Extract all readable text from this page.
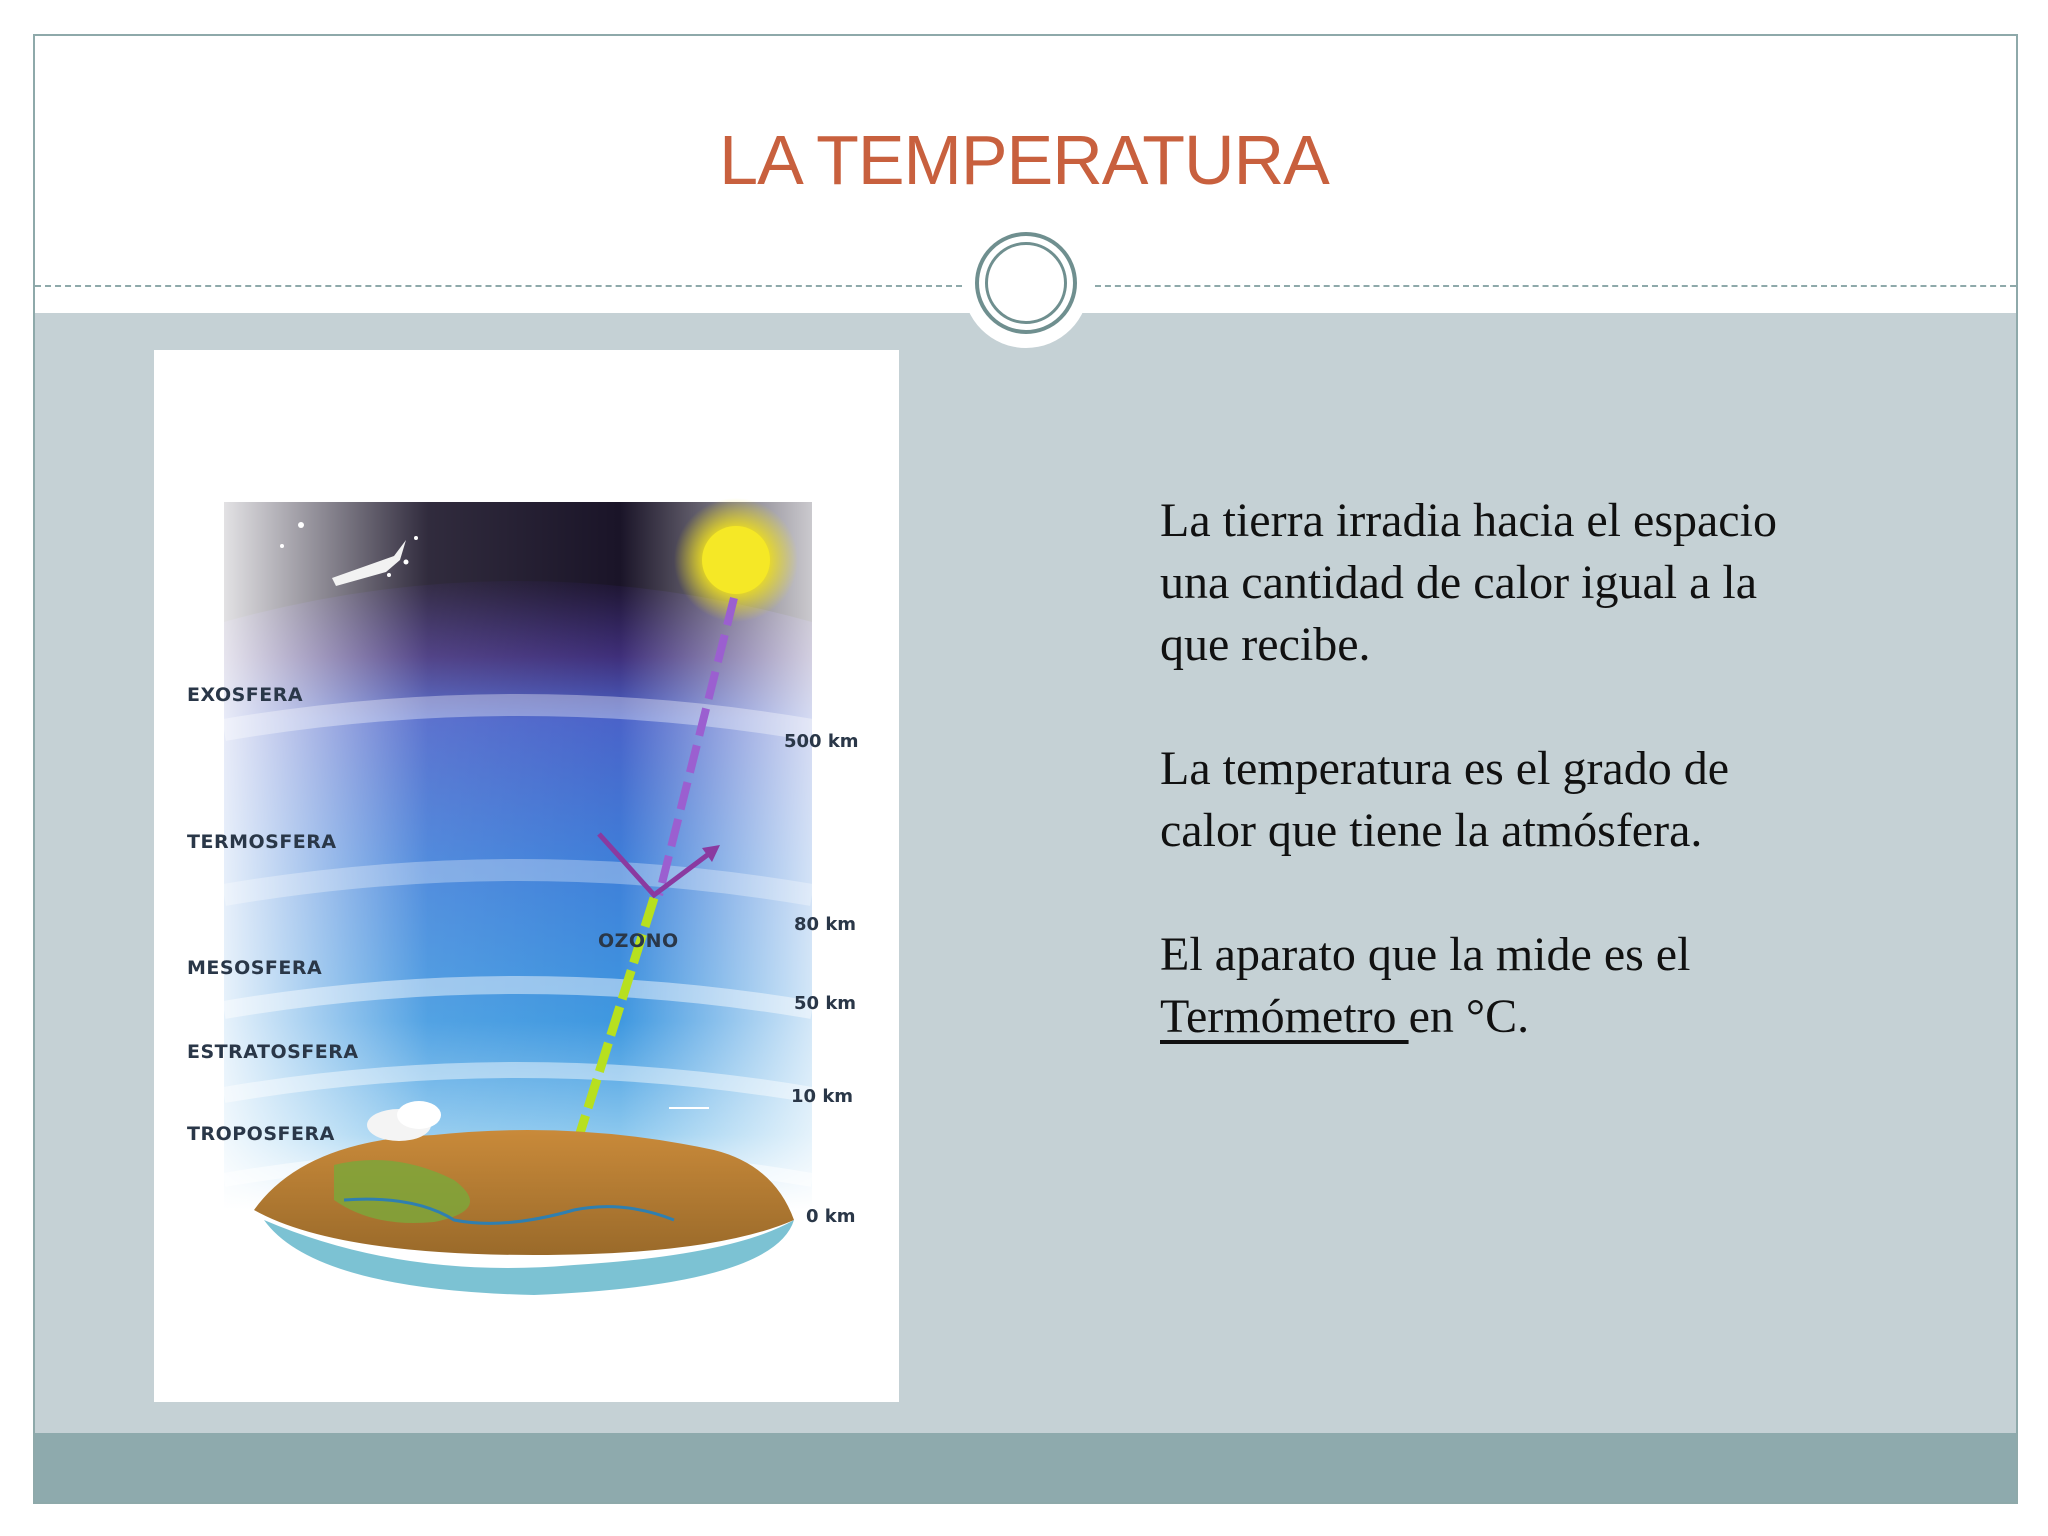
LA TEMPERATURA
EXOSFERA
TERMOSFERA
MESOSFERA
ESTRATOSFERA
TROPOSFERA
OZONO
500 km
80 km
50 km
10 km
0 km

La tierra irradia hacia el espacio una cantidad de calor igual a la que recibe.

La temperatura es el grado de calor que tiene la atmósfera.

El aparato que la mide es el Termómetro en °C.
